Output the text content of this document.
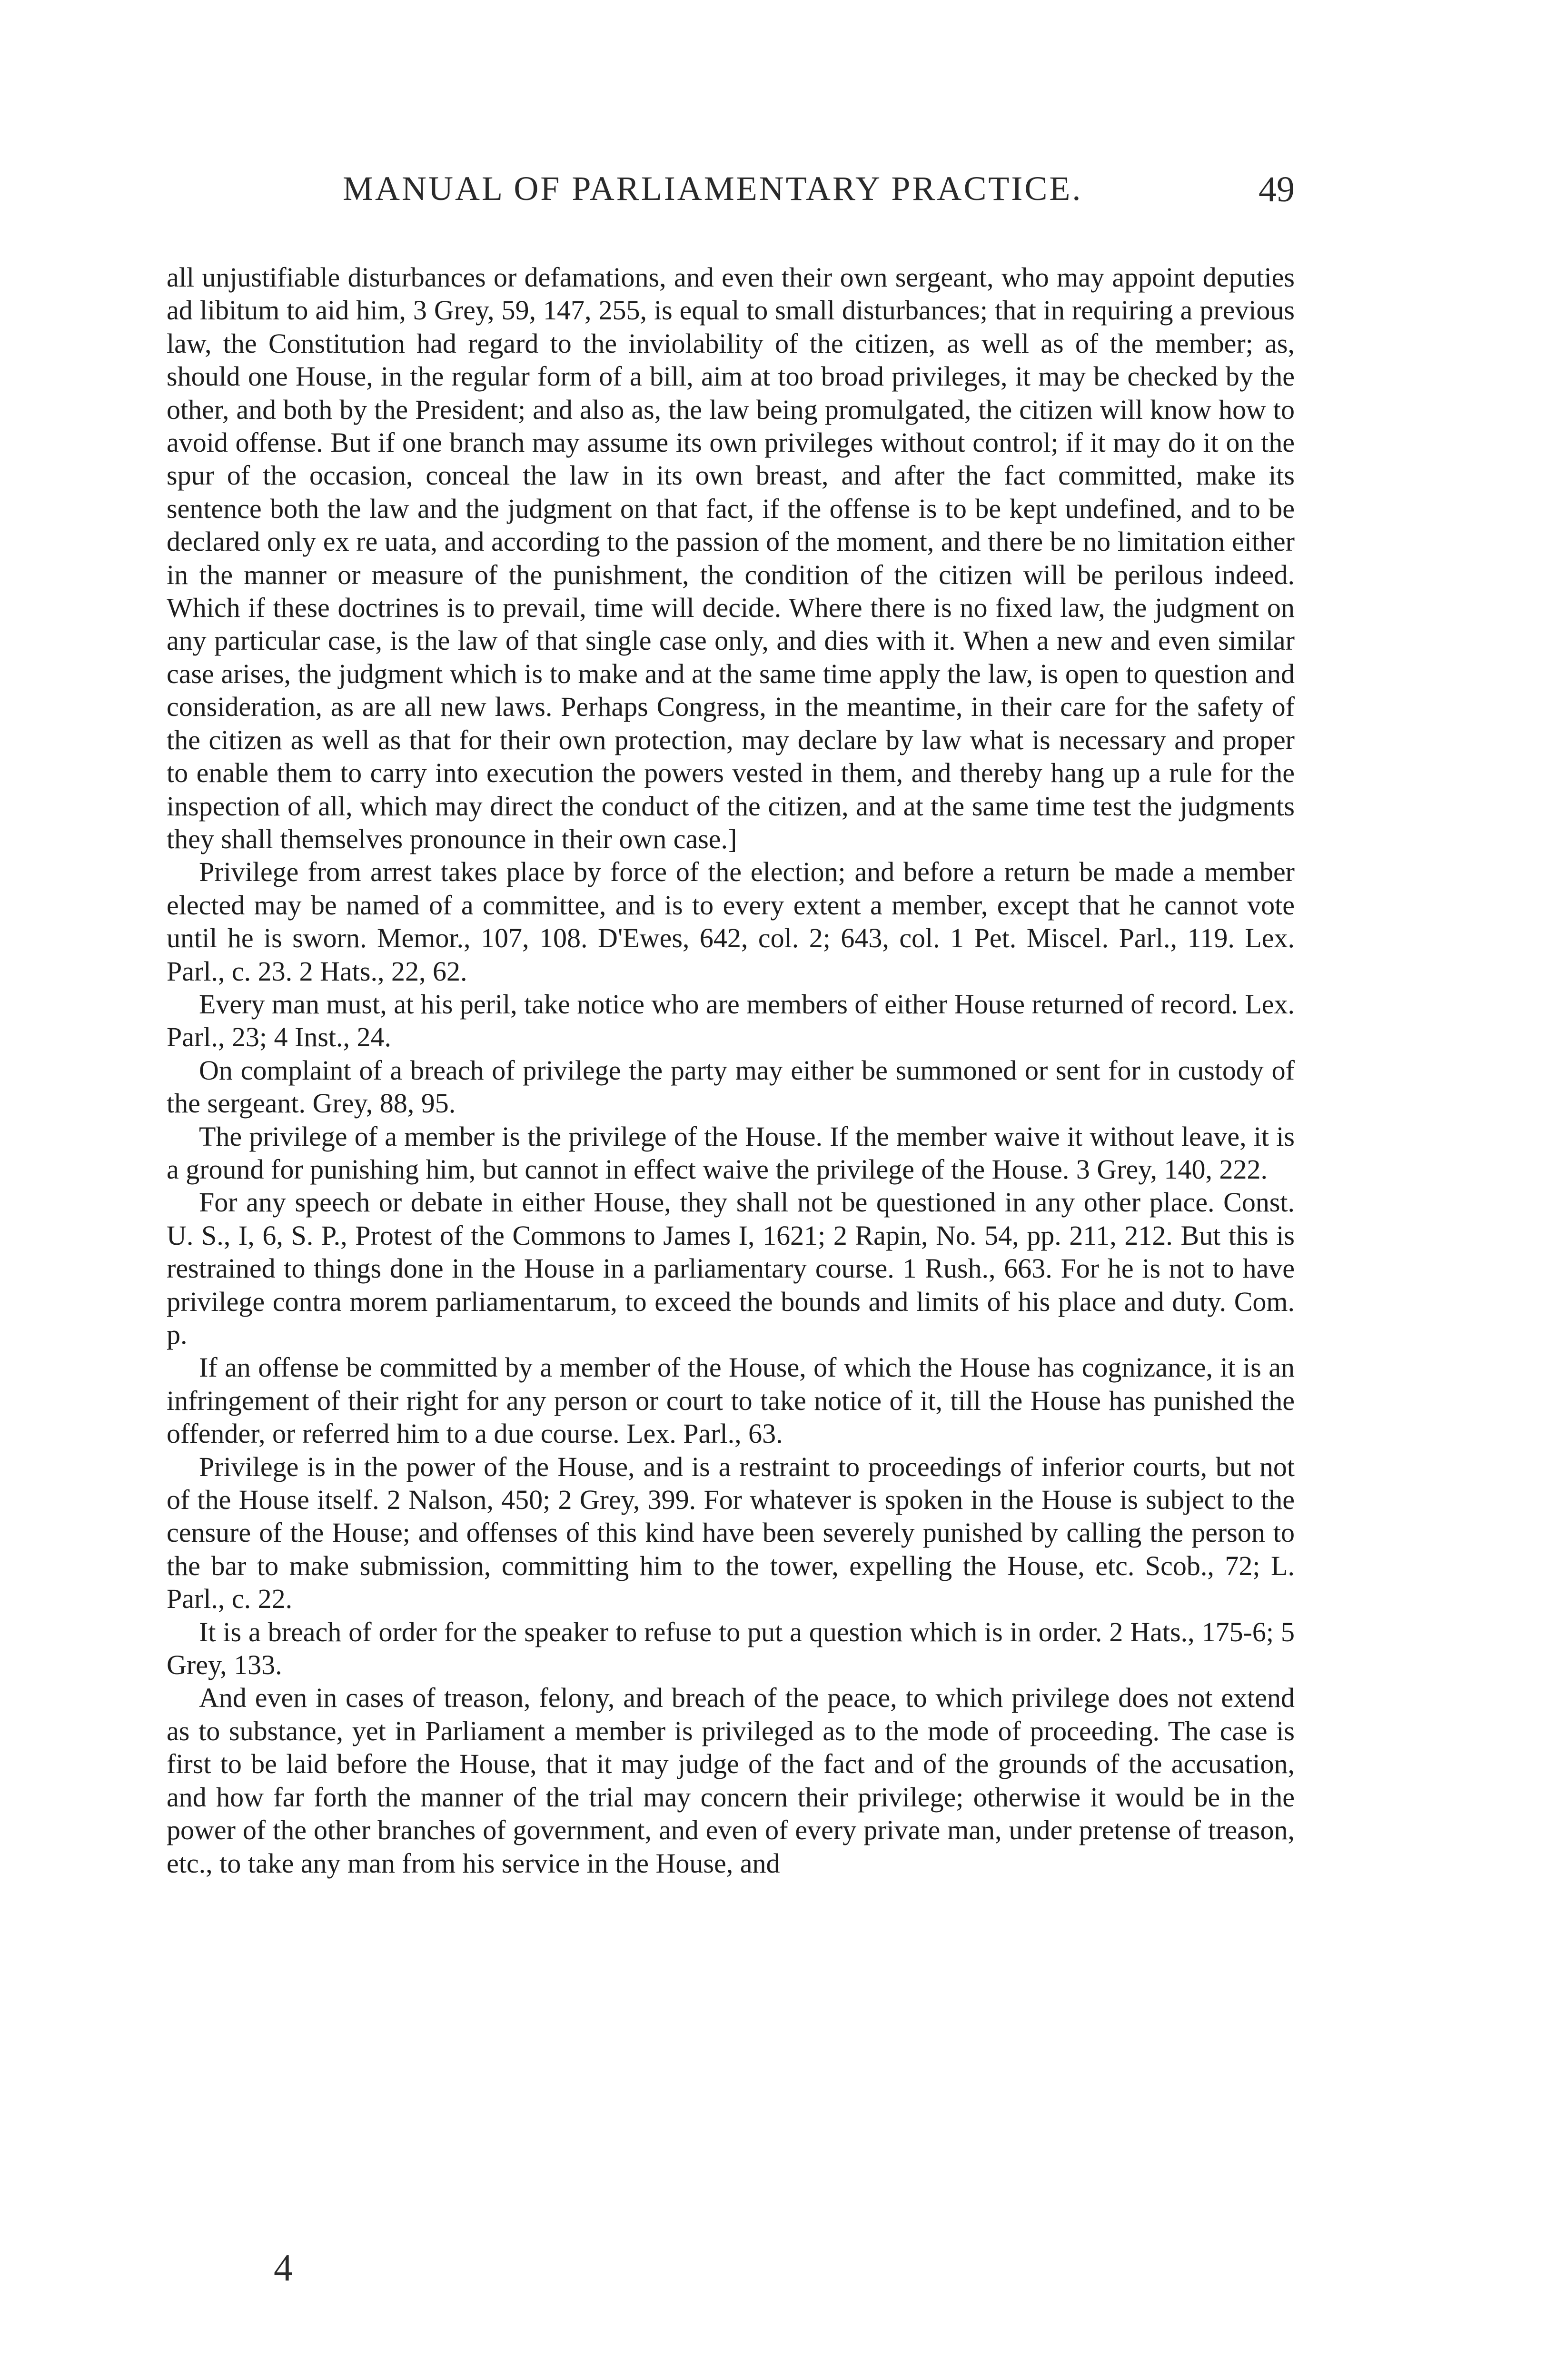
MANUAL OF PARLIAMENTARY PRACTICE.	49

all unjustifiable disturbances or defamations, and even their own sergeant, who may appoint deputies ad libitum to aid him, 3 Grey, 59, 147, 255, is equal to small disturbances; that in requiring a previous law, the Constitution had regard to the inviolability of the citizen, as well as of the member; as, should one House, in the regular form of a bill, aim at too broad privileges, it may be checked by the other, and both by the President; and also as, the law being promulgated, the citizen will know how to avoid offense. But if one branch may assume its own privileges without control; if it may do it on the spur of the occasion, conceal the law in its own breast, and after the fact committed, make its sentence both the law and the judgment on that fact, if the offense is to be kept undefined, and to be declared only ex re uata, and according to the passion of the moment, and there be no limitation either in the manner or measure of the punishment, the condition of the citizen will be perilous indeed. Which if these doctrines is to prevail, time will decide. Where there is no fixed law, the judgment on any particular case, is the law of that single case only, and dies with it. When a new and even similar case arises, the judgment which is to make and at the same time apply the law, is open to question and consideration, as are all new laws. Perhaps Congress, in the meantime, in their care for the safety of the citizen as well as that for their own protection, may declare by law what is necessary and proper to enable them to carry into execution the powers vested in them, and thereby hang up a rule for the inspection of all, which may direct the conduct of the citizen, and at the same time test the judgments they shall themselves pronounce in their own case.]

Privilege from arrest takes place by force of the election; and before a return be made a member elected may be named of a committee, and is to every extent a member, except that he cannot vote until he is sworn. Memor., 107, 108. D'Ewes, 642, col. 2; 643, col. 1 Pet. Miscel. Parl., 119. Lex. Parl., c. 23. 2 Hats., 22, 62.

Every man must, at his peril, take notice who are members of either House returned of record. Lex. Parl., 23; 4 Inst., 24.

On complaint of a breach of privilege the party may either be summoned or sent for in custody of the sergeant. Grey, 88, 95.

The privilege of a member is the privilege of the House. If the member waive it without leave, it is a ground for punishing him, but cannot in effect waive the privilege of the House. 3 Grey, 140, 222.

For any speech or debate in either House, they shall not be questioned in any other place. Const. U. S., I, 6, S. P., Protest of the Commons to James I, 1621; 2 Rapin, No. 54, pp. 211, 212. But this is restrained to things done in the House in a parliamentary course. 1 Rush., 663. For he is not to have privilege contra morem parliamentarum, to exceed the bounds and limits of his place and duty. Com. p.

If an offense be committed by a member of the House, of which the House has cognizance, it is an infringement of their right for any person or court to take notice of it, till the House has punished the offender, or referred him to a due course. Lex. Parl., 63.

Privilege is in the power of the House, and is a restraint to proceedings of inferior courts, but not of the House itself. 2 Nalson, 450; 2 Grey, 399. For whatever is spoken in the House is subject to the censure of the House; and offenses of this kind have been severely punished by calling the person to the bar to make submission, committing him to the tower, expelling the House, etc. Scob., 72; L. Parl., c. 22.

It is a breach of order for the speaker to refuse to put a question which is in order. 2 Hats., 175-6; 5 Grey, 133.

And even in cases of treason, felony, and breach of the peace, to which privilege does not extend as to substance, yet in Parliament a member is privileged as to the mode of proceeding. The case is first to be laid before the House, that it may judge of the fact and of the grounds of the accusation, and how far forth the manner of the trial may concern their privilege; otherwise it would be in the power of the other branches of government, and even of every private man, under pretense of treason, etc., to take any man from his service in the House, and

4
